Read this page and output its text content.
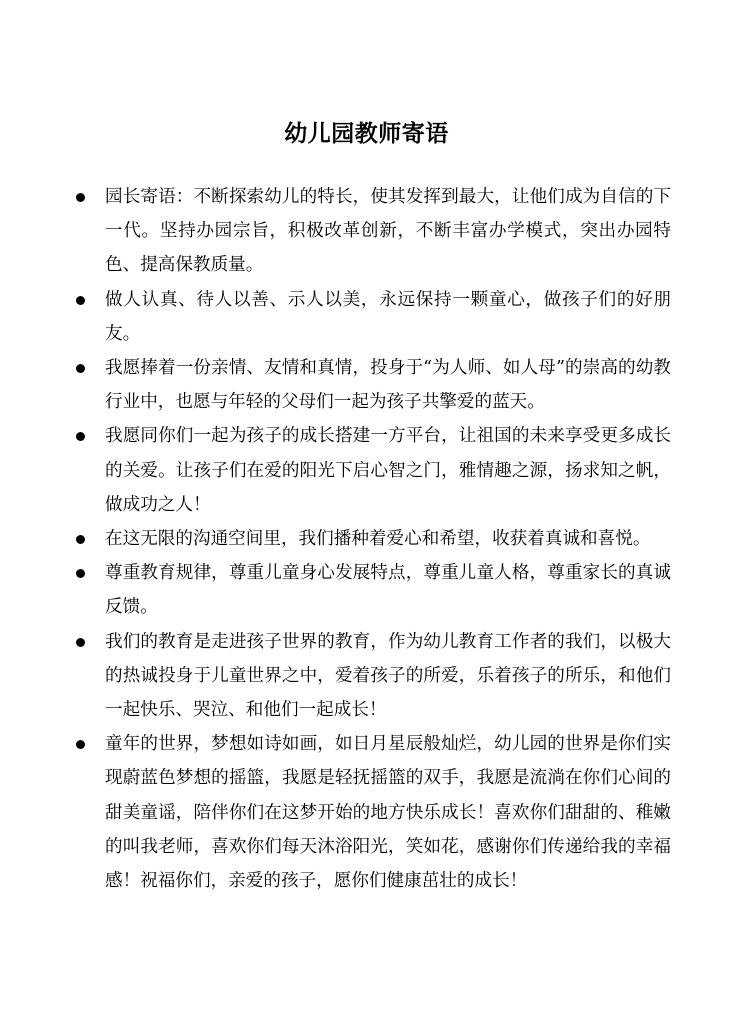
幼儿园教师寄语
园长寄语：不断探索幼儿的特长，使其发挥到最大，让他们成为自信的下一代。坚持办园宗旨，积极改革创新，不断丰富办学模式，突出办园特色、提高保教质量。
做人认真、待人以善、示人以美，永远保持一颗童心，做孩子们的好朋友。
我愿捧着一份亲情、友情和真情，投身于“为人师、如人母”的崇高的幼教行业中，也愿与年轻的父母们一起为孩子共擎爱的蓝天。
我愿同你们一起为孩子的成长搭建一方平台，让祖国的未来享受更多成长的关爱。让孩子们在爱的阳光下启心智之门，雅情趣之源，扬求知之帆，做成功之人！
在这无限的沟通空间里，我们播种着爱心和希望，收获着真诚和喜悦。
尊重教育规律，尊重儿童身心发展特点，尊重儿童人格，尊重家长的真诚反馈。
我们的教育是走进孩子世界的教育，作为幼儿教育工作者的我们，以极大的热诚投身于儿童世界之中，爱着孩子的所爱，乐着孩子的所乐，和他们一起快乐、哭泣、和他们一起成长！
童年的世界，梦想如诗如画，如日月星辰般灿烂，幼儿园的世界是你们实现蔚蓝色梦想的摇篮，我愿是轻抚摇篮的双手，我愿是流淌在你们心间的甜美童谣，陪伴你们在这梦开始的地方快乐成长！喜欢你们甜甜的、稚嫩的叫我老师，喜欢你们每天沐浴阳光，笑如花，感谢你们传递给我的幸福感！祝福你们，亲爱的孩子，愿你们健康茁壮的成长！
